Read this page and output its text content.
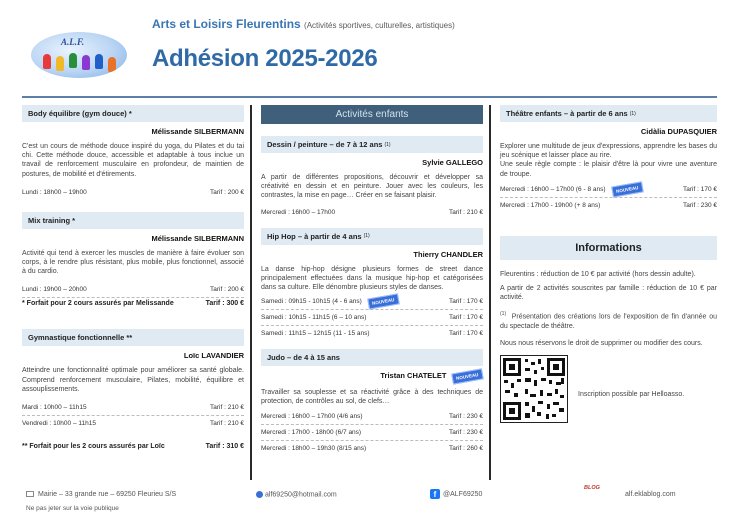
A.L.F.
Arts et Loisirs Fleurentins (Activités sportives, culturelles, artistiques)
Adhésion 2025-2026
Body équilibre (gym douce) *
Mélissande SILBERMANN
C'est un cours de méthode douce inspiré du yoga, du Pilates et du tai chi. Cette méthode douce, accessible et adaptable à tous inclue un travail de renforcement musculaire en profondeur, de maintien de postures, de mobilité et d'étirements.
Lundi : 18h00 – 19h00	Tarif : 200 €
Mix training *
Mélissande SILBERMANN
Activité qui tend à exercer les muscles de manière à faire évoluer son corps, à le rendre plus résistant, plus mobile, plus fonctionnel, associé à du cardio.
Lundi : 19h00 – 20h00	Tarif : 200 €
* Forfait pour 2 cours assurés par Melissande	Tarif : 300 €
Gymnastique fonctionnelle **
Loïc LAVANDIER
Atteindre une fonctionnalité optimale pour améliorer sa santé globale. Comprend renforcement musculaire, Pilates, mobilité, équilibre et assouplissements.
Mardi : 10h00 – 11h15	Tarif : 210 €
Vendredi : 10h00 – 11h15	Tarif : 210 €
** Forfait pour les 2 cours assurés par Loïc	Tarif : 310 €
Activités enfants
Dessin / peinture – de 7 à 12 ans (1)
Sylvie GALLEGO
A partir de différentes propositions, découvrir et développer sa créativité en dessin et en peinture. Jouer avec les couleurs, les contrastes, la mise en page… Créer en se faisant plaisir.
Mercredi : 16h00 – 17h00	Tarif : 210 €
Hip Hop – à partir de 4 ans (1)
Thierry CHANDLER
La danse hip-hop désigne plusieurs formes de street dance principalement effectuées dans la musique hip-hop et catégorisées dans sa culture. Elle dénombre plusieurs styles de danses.
Samedi : 09h15 - 10h15 (4 - 6 ans) NOUVEAU	Tarif : 170 €
Samedi : 10h15 - 11h15 (6 – 10 ans)	Tarif : 170 €
Samedi : 11h15 – 12h15 (11 - 15 ans)	Tarif : 170 €
Judo – de 4 à 15 ans
Tristan CHATELET NOUVEAU
Travailler sa souplesse et sa réactivité grâce à des techniques de protection, de contrôles au sol, de clefs…
Mercredi : 16h00 – 17h00 (4/6 ans)	Tarif : 230 €
Mercredi : 17h00 - 18h00 (6/7 ans)	Tarif : 230 €
Mercredi : 18h00 – 19h30 (8/15 ans)	Tarif : 260 €
Théâtre enfants – à partir de 6 ans (1)
Cidàlia DUPASQUIER
Explorer une multitude de jeux d'expressions, apprendre les bases du jeu scénique et laisser place au rire.
Une seule règle compte : le plaisir d'être là pour vivre une aventure de troupe.
Mercredi : 16h00 – 17h00 (6 - 8 ans) NOUVEAU	Tarif : 170 €
Mercredi : 17h00 - 19h00 (+ 8 ans)	Tarif : 230 €
Informations

Fleurentins : réduction de 10 € par activité (hors dessin adulte).

A partir de 2 activités souscrites par famille : réduction de 10 € par activité.

$^{(1)}$ Présentation des créations lors de l'exposition de fin d'année ou du spectacle de théâtre.

Nous nous réservons le droit de supprimer ou modifier des cours.

Inscription possible par Helloasso.
Mairie – 33 grande rue – 69250 Fleurieu S/S	alf69250@hotmail.com	f @ALF69250
BLOG
alf.eklablog.com
Ne pas jeter sur la voie publique
